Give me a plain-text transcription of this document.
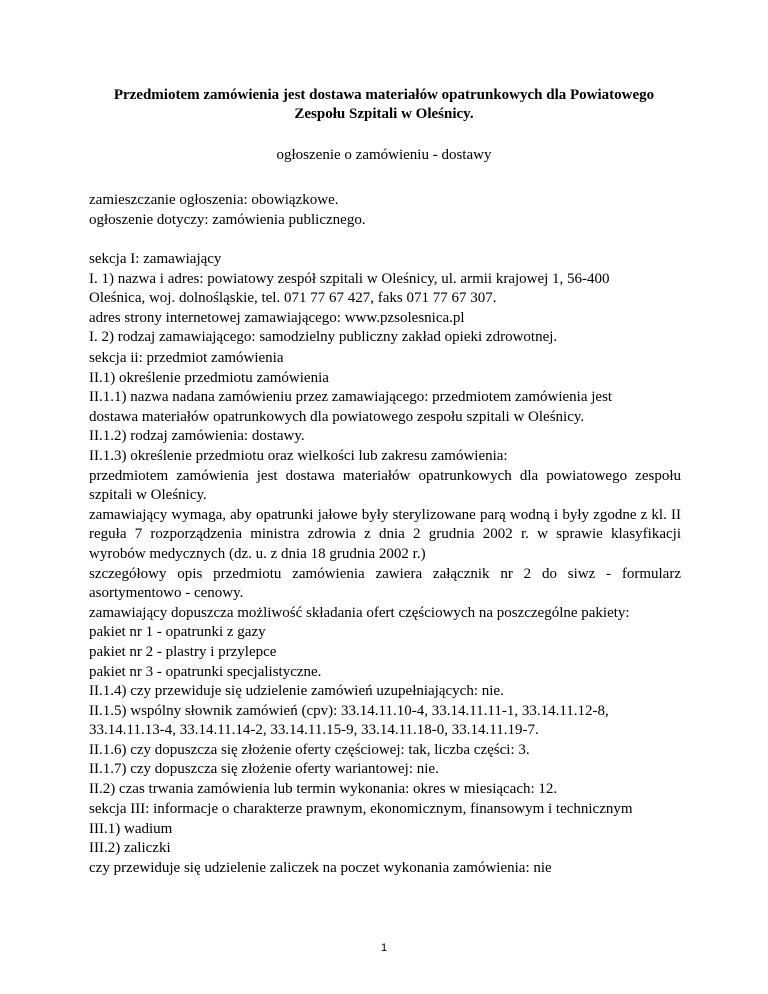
Przedmiotem zamówienia jest dostawa materiałów opatrunkowych dla Powiatowego
Zespołu Szpitali w Oleśnicy.
ogłoszenie o zamówieniu - dostawy

zamieszczanie ogłoszenia: obowiązkowe.

ogłoszenie dotyczy: zamówienia publicznego.

sekcja I: zamawiający

I. 1) nazwa i adres: powiatowy zespół szpitali w Oleśnicy, ul. armii krajowej 1, 56-400

Oleśnica, woj. dolnośląskie, tel. 071 77 67 427, faks 071 77 67 307.

adres strony internetowej zamawiającego: www.pzsolesnica.pl

I. 2) rodzaj zamawiającego: samodzielny publiczny zakład opieki zdrowotnej.

sekcja ii: przedmiot zamówienia

II.1) określenie przedmiotu zamówienia

II.1.1) nazwa nadana zamówieniu przez zamawiającego: przedmiotem zamówienia jest

dostawa materiałów opatrunkowych dla powiatowego zespołu szpitali w Oleśnicy.

II.1.2) rodzaj zamówienia: dostawy.

II.1.3) określenie przedmiotu oraz wielkości lub zakresu zamówienia:

przedmiotem zamówienia jest dostawa materiałów opatrunkowych dla powiatowego zespołu szpitali w Oleśnicy.

zamawiający wymaga, aby opatrunki jałowe były sterylizowane parą wodną i były zgodne z kl. II reguła 7 rozporządzenia ministra zdrowia z dnia 2 grudnia 2002 r. w sprawie klasyfikacji wyrobów medycznych (dz. u. z dnia 18 grudnia 2002 r.)

szczegółowy opis przedmiotu zamówienia zawiera załącznik nr 2 do siwz - formularz asortymentowo - cenowy.

zamawiający dopuszcza możliwość składania ofert częściowych na poszczególne pakiety:

pakiet nr 1 - opatrunki z gazy

pakiet nr 2 - plastry i przylepce

pakiet nr 3 - opatrunki specjalistyczne.

II.1.4) czy przewiduje się udzielenie zamówień uzupełniających: nie.

II.1.5) wspólny słownik zamówień (cpv): 33.14.11.10-4, 33.14.11.11-1, 33.14.11.12-8,

33.14.11.13-4, 33.14.11.14-2, 33.14.11.15-9, 33.14.11.18-0, 33.14.11.19-7.

II.1.6) czy dopuszcza się złożenie oferty częściowej: tak, liczba części: 3.

II.1.7) czy dopuszcza się złożenie oferty wariantowej: nie.

II.2) czas trwania zamówienia lub termin wykonania: okres w miesiącach: 12.

sekcja III: informacje o charakterze prawnym, ekonomicznym, finansowym i technicznym

III.1) wadium

III.2) zaliczki

czy przewiduje się udzielenie zaliczek na poczet wykonania zamówienia: nie

1
